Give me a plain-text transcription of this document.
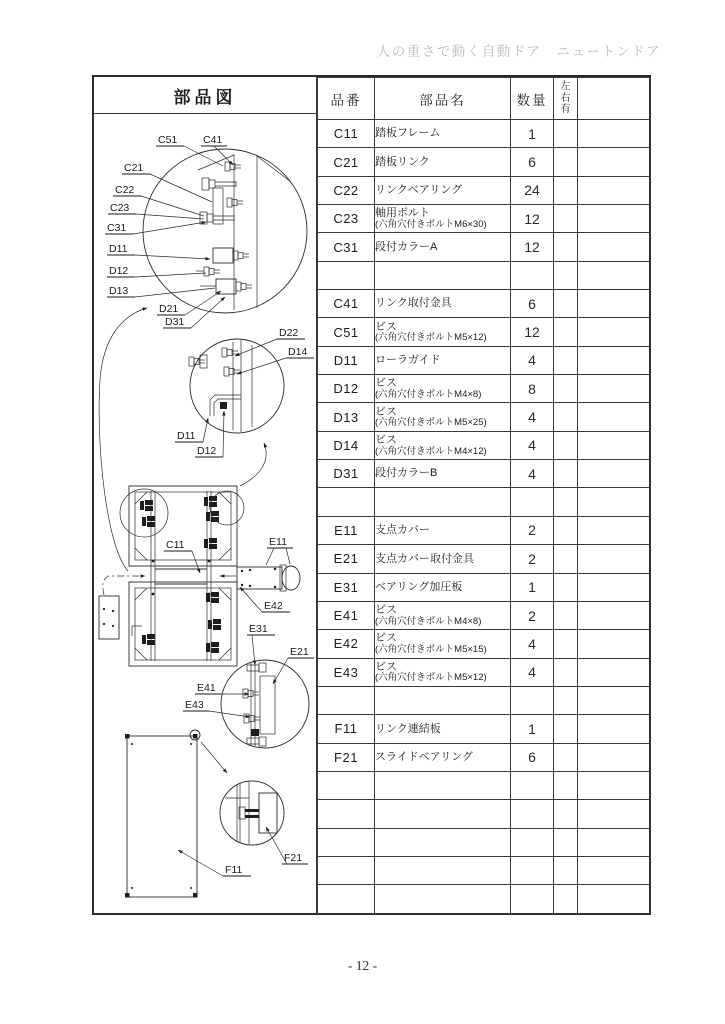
人の重さで動く自動ドア　ニュートンドア
部品図
C51 C41
C21
C22
C23
C31
D11
D12
D13
D21
D31
D22
D14
D11
D12
C11	E11
E42
E31
E21
E41
E43
F11
F21
品番	部品名	数量	左右有	

C11	踏板フレーム	1		
C21	踏板リンク	6		
C22	リンクベアリング	24		
C23	軸用ボルト
(六角穴付きボルトM6×30)	12		
C31	段付カラーA	12		

C41	リンク取付金具	6		
C51	ビス
(六角穴付きボルトM5×12)	12		
D11	ローラガイド	4		
D12	ビス
(六角穴付きボルトM4×8)	8		
D13	ビス
(六角穴付きボルトM5×25)	4		
D14	ビス
(六角穴付きボルトM4×12)	4		
D31	段付カラーB	4		

E11	支点カバー	2		
E21	支点カバー取付金具	2		
E31	ベアリング加圧板	1		
E41	ビス
(六角穴付きボルトM4×8)	2		
E42	ビス
(六角穴付きボルトM5×15)	4		
E43	ビス
(六角穴付きボルトM5×12)	4		

F11	リンク連結板	1		
F21	スライドベアリング	6		

- 12 -
